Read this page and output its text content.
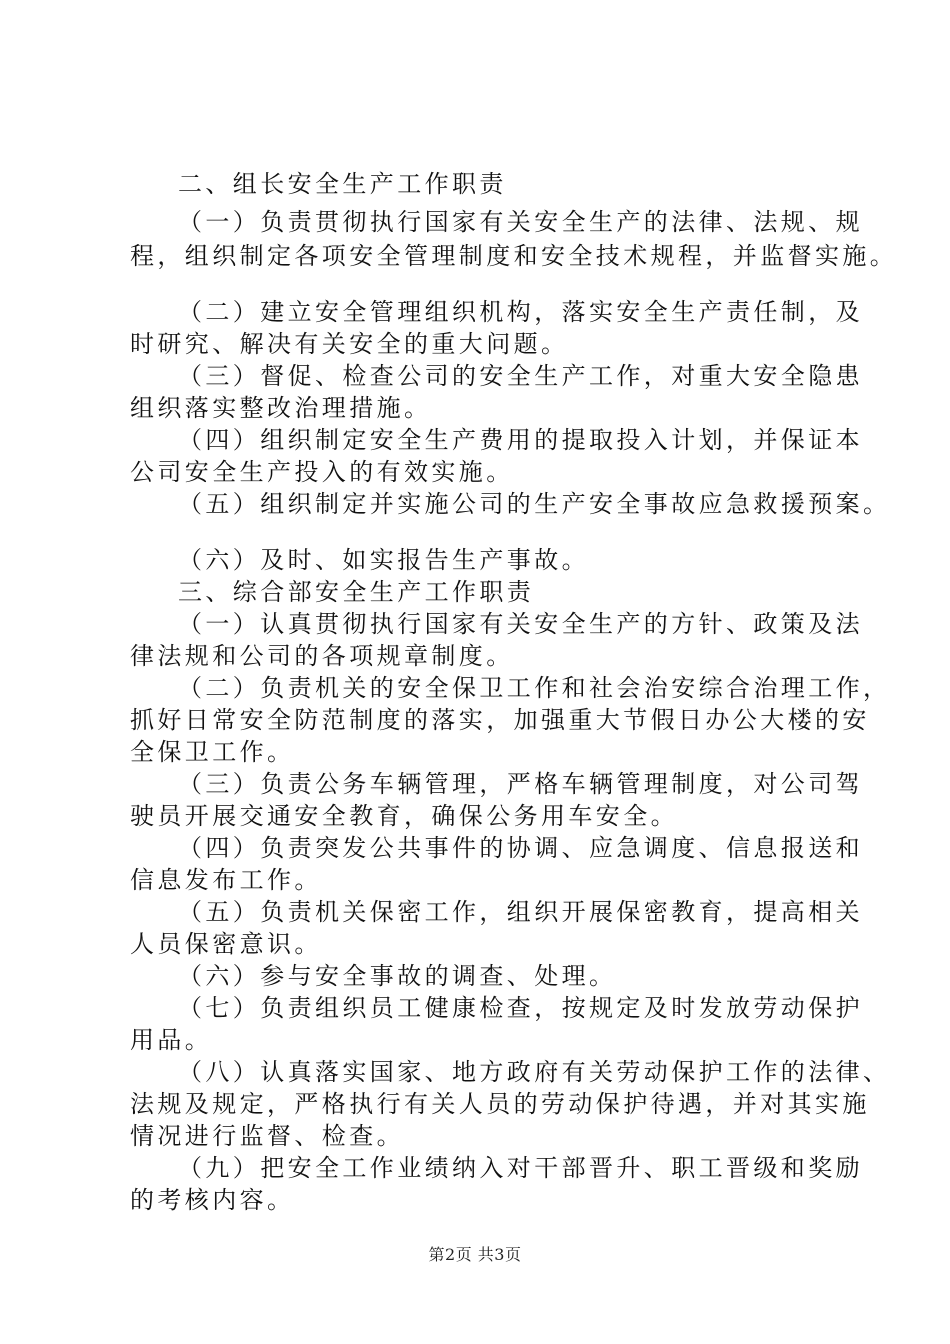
二、组长安全生产工作职责
（一）负责贯彻执行国家有关安全生产的法律、法规、规
程，组织制定各项安全管理制度和安全技术规程，并监督实施。
（二）建立安全管理组织机构，落实安全生产责任制，及
时研究、解决有关安全的重大问题。
（三）督促、检查公司的安全生产工作，对重大安全隐患
组织落实整改治理措施。
（四）组织制定安全生产费用的提取投入计划，并保证本
公司安全生产投入的有效实施。
（五）组织制定并实施公司的生产安全事故应急救援预案。
（六）及时、如实报告生产事故。
三、综合部安全生产工作职责
（一）认真贯彻执行国家有关安全生产的方针、政策及法
律法规和公司的各项规章制度。
（二）负责机关的安全保卫工作和社会治安综合治理工作，
抓好日常安全防范制度的落实，加强重大节假日办公大楼的安
全保卫工作。
（三）负责公务车辆管理，严格车辆管理制度，对公司驾
驶员开展交通安全教育，确保公务用车安全。
（四）负责突发公共事件的协调、应急调度、信息报送和
信息发布工作。
（五）负责机关保密工作，组织开展保密教育，提高相关
人员保密意识。
（六）参与安全事故的调查、处理。
（七）负责组织员工健康检查，按规定及时发放劳动保护
用品。
（八）认真落实国家、地方政府有关劳动保护工作的法律、
法规及规定，严格执行有关人员的劳动保护待遇，并对其实施
情况进行监督、检查。
（九）把安全工作业绩纳入对干部晋升、职工晋级和奖励
的考核内容。
第2页 共3页
